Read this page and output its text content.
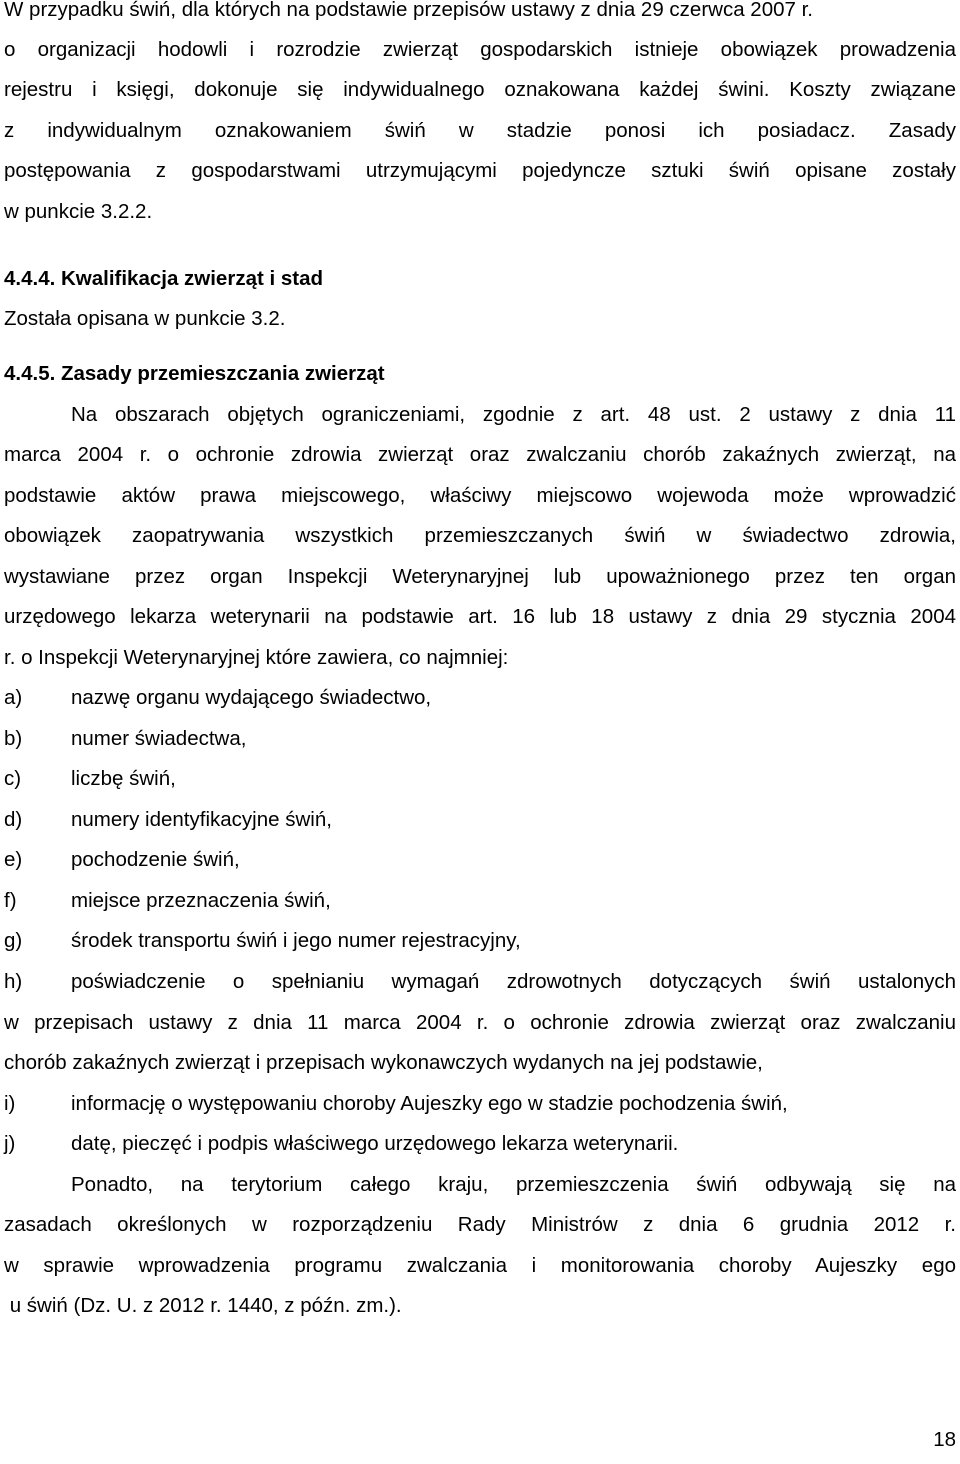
W przypadku świń, dla których na podstawie przepisów ustawy z dnia 29 czerwca 2007 r.
o organizacji hodowli i rozrodzie zwierząt gospodarskich istnieje obowiązek prowadzenia
rejestru i księgi, dokonuje się indywidualnego oznakowana każdej świni. Koszty związane
z indywidualnym oznakowaniem świń w stadzie ponosi ich posiadacz. Zasady
postępowania z gospodarstwami utrzymującymi pojedyncze sztuki świń opisane zostały
w punkcie 3.2.2.
4.4.4. Kwalifikacja zwierząt i stad
Została opisana w punkcie 3.2.
4.4.5. Zasady przemieszczania zwierząt
Na obszarach objętych ograniczeniami, zgodnie z art. 48 ust. 2 ustawy z dnia 11
marca 2004 r. o ochronie zdrowia zwierząt oraz zwalczaniu chorób zakaźnych zwierząt, na
podstawie aktów prawa miejscowego, właściwy miejscowo wojewoda może wprowadzić
obowiązek zaopatrywania wszystkich przemieszczanych świń w świadectwo zdrowia,
wystawiane przez organ Inspekcji Weterynaryjnej lub upoważnionego przez ten organ
urzędowego lekarza weterynarii na podstawie art. 16 lub 18 ustawy z dnia 29 stycznia 2004
r. o Inspekcji Weterynaryjnej które zawiera, co najmniej:
a) nazwę organu wydającego świadectwo,
b) numer świadectwa,
c) liczbę świń,
d) numery identyfikacyjne świń,
e) pochodzenie świń,
f)	miejsce przeznaczenia świń,
g) środek transportu świń i jego numer rejestracyjny,
h) poświadczenie o spełnianiu wymagań zdrowotnych dotyczących świń ustalonych
w przepisach ustawy z dnia 11 marca 2004 r. o ochronie zdrowia zwierząt oraz zwalczaniu
chorób zakaźnych zwierząt i przepisach wykonawczych wydanych na jej podstawie,
i)	informację o występowaniu choroby Aujeszky ego w stadzie pochodzenia świń,
j)	datę, pieczęć i podpis właściwego urzędowego lekarza weterynarii.
Ponadto, na terytorium całego kraju, przemieszczenia świń odbywają się na
zasadach określonych w rozporządzeniu Rady Ministrów z dnia 6 grudnia 2012 r.
w sprawie wprowadzenia programu zwalczania i monitorowania choroby Aujeszky ego
u świń (Dz. U. z 2012 r. 1440, z późn. zm.).
18
